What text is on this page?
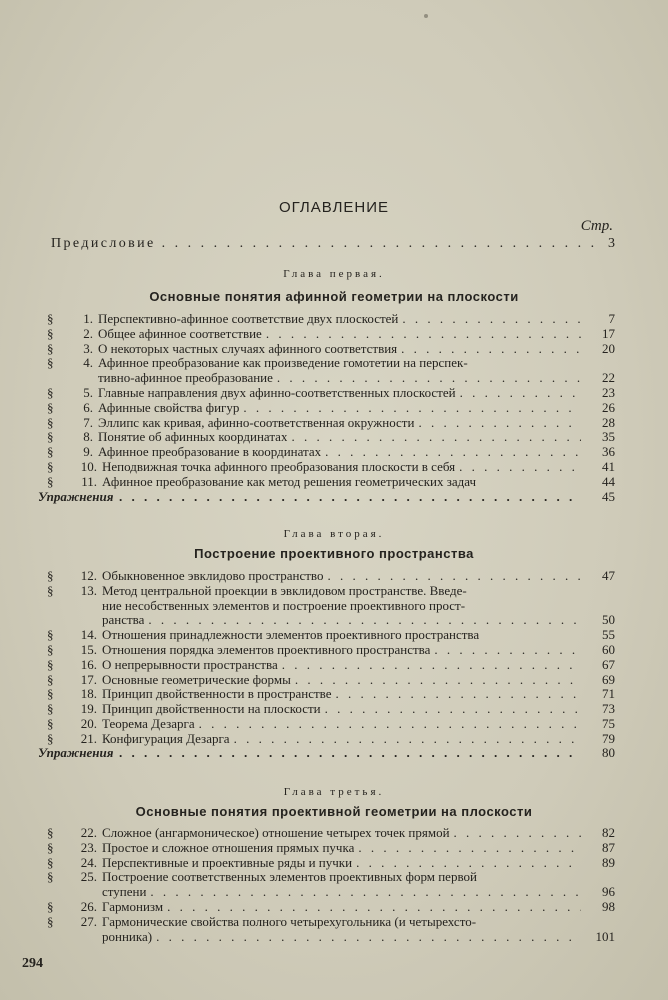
ОГЛАВЛЕНИЕ
Стр.
Предисловие . . .	3
Глава первая.
Основные понятия афинной геометрии на плоскости
§	1. Перспективно-афинное соответствие двух плоскостей . . .	7
§	2. Общее афинное соответствие . . .	17
§	3. О некоторых частных случаях афинного соответствия . . .	20
§	4. Афинное преобразование как произведение гомотетии на перспек-
тивно-афинное преобразование . . .	22
§	5. Главные направления двух афинно-соответственных плоскостей . . .	23
§	6. Афинные свойства фигур . . .	26
§	7. Эллипс как кривая, афинно-соответственная окружности . . .	28
§	8. Понятие об афинных координатах . . .	35
§	9. Афинное преобразование в координатах . . .	36
§	10. Неподвижная точка афинного преобразования плоскости в себя . . .	41
§	11. Афинное преобразование как метод решения геометрических задач	44
Упражнения . . .	45
Глава вторая.
Построение проективного пространства
§	12. Обыкновенное эвклидово пространство . . .	47
§	13. Метод центральной проекции в эвклидовом пространстве. Введе-
ние несобственных элементов и построение проективного прост-
ранства . . .	50
§	14. Отношения принадлежности элементов проективного пространства	55
§	15. Отношения порядка элементов проективного пространства . . .	60
§	16. О непрерывности пространства . . .	67
§	17. Основные геометрические формы . . .	69
§	18. Принцип двойственности в пространстве . . .	71
§	19. Принцип двойственности на плоскости . . .	73
§	20. Теорема Дезарга . . .	75
§	21. Конфигурация Дезарга . . .	79
Упражнения . . .	80
Глава третья.
Основные понятия проективной геометрии на плоскости
§	22. Сложное (ангармоническое) отношение четырех точек прямой . . .	82
§	23. Простое и сложное отношения прямых пучка . . .	87
§	24. Перспективные и проективные ряды и пучки . . .	89
§	25. Построение соответственных элементов проективных форм первой
ступени . . .	96
§	26. Гармонизм . . .	98
§	27. Гармонические свойства полного четырехугольника (и четырехсто-
ронника) . . .	101
294
